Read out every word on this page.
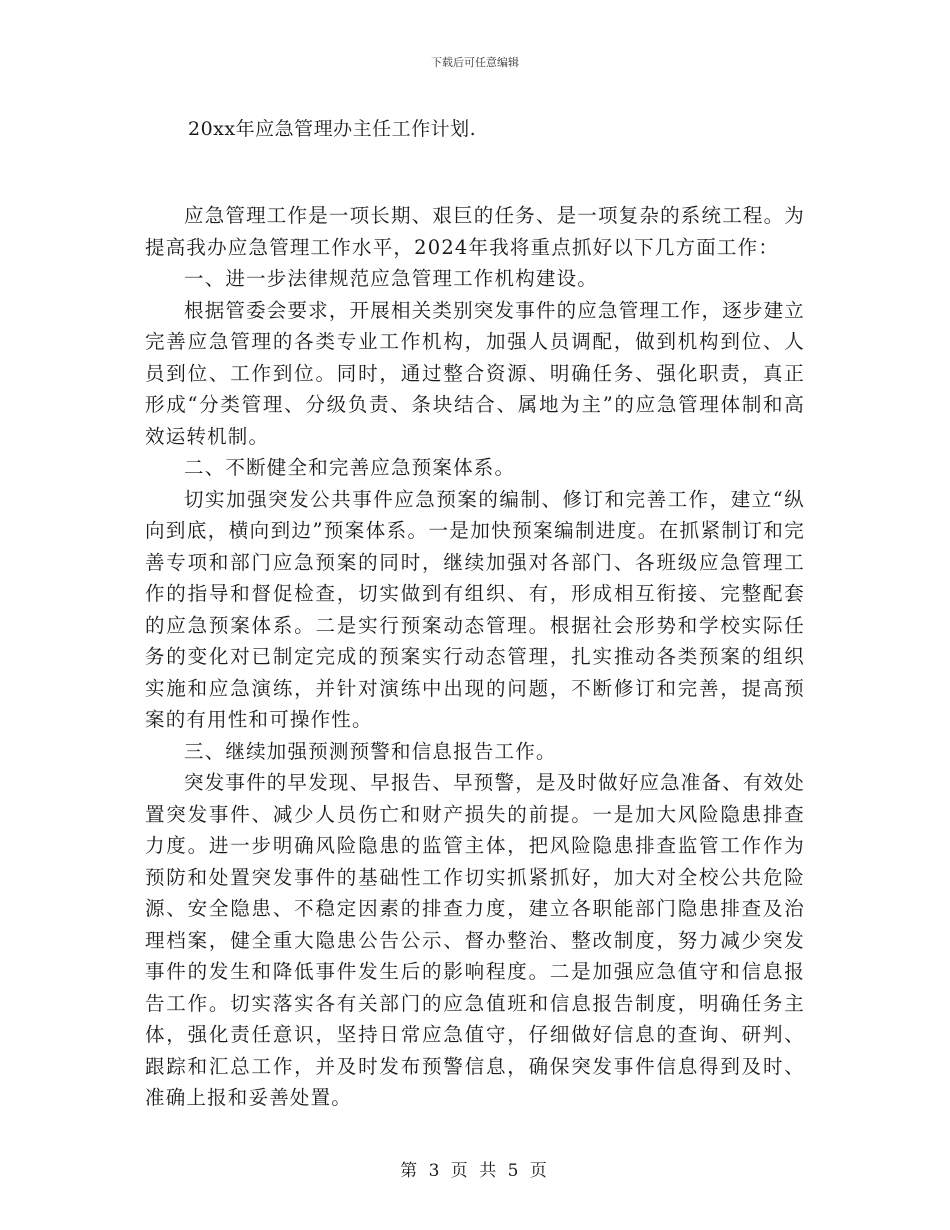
下载后可任意编辑
20xx年应急管理办主任工作计划.

应急管理工作是一项长期、艰巨的任务、是一项复杂的系统工程。为提高我办应急管理工作水平，2024年我将重点抓好以下几方面工作：

一、进一步法律规范应急管理工作机构建设。

根据管委会要求，开展相关类别突发事件的应急管理工作，逐步建立完善应急管理的各类专业工作机构，加强人员调配，做到机构到位、人员到位、工作到位。同时，通过整合资源、明确任务、强化职责，真正形成“分类管理、分级负责、条块结合、属地为主”的应急管理体制和高效运转机制。

二、不断健全和完善应急预案体系。

切实加强突发公共事件应急预案的编制、修订和完善工作，建立“纵向到底，横向到边”预案体系。一是加快预案编制进度。在抓紧制订和完善专项和部门应急预案的同时，继续加强对各部门、各班级应急管理工作的指导和督促检查，切实做到有组织、有，形成相互衔接、完整配套的应急预案体系。二是实行预案动态管理。根据社会形势和学校实际任务的变化对已制定完成的预案实行动态管理，扎实推动各类预案的组织实施和应急演练，并针对演练中出现的问题，不断修订和完善，提高预案的有用性和可操作性。

三、继续加强预测预警和信息报告工作。

突发事件的早发现、早报告、早预警，是及时做好应急准备、有效处置突发事件、减少人员伤亡和财产损失的前提。一是加大风险隐患排查力度。进一步明确风险隐患的监管主体，把风险隐患排查监管工作作为预防和处置突发事件的基础性工作切实抓紧抓好，加大对全校公共危险源、安全隐患、不稳定因素的排查力度，建立各职能部门隐患排查及治理档案，健全重大隐患公告公示、督办整治、整改制度，努力减少突发事件的发生和降低事件发生后的影响程度。二是加强应急值守和信息报告工作。切实落实各有关部门的应急值班和信息报告制度，明确任务主体，强化责任意识，坚持日常应急值守，仔细做好信息的查询、研判、跟踪和汇总工作，并及时发布预警信息，确保突发事件信息得到及时、准确上报和妥善处置。

第 3 页 共 5 页
